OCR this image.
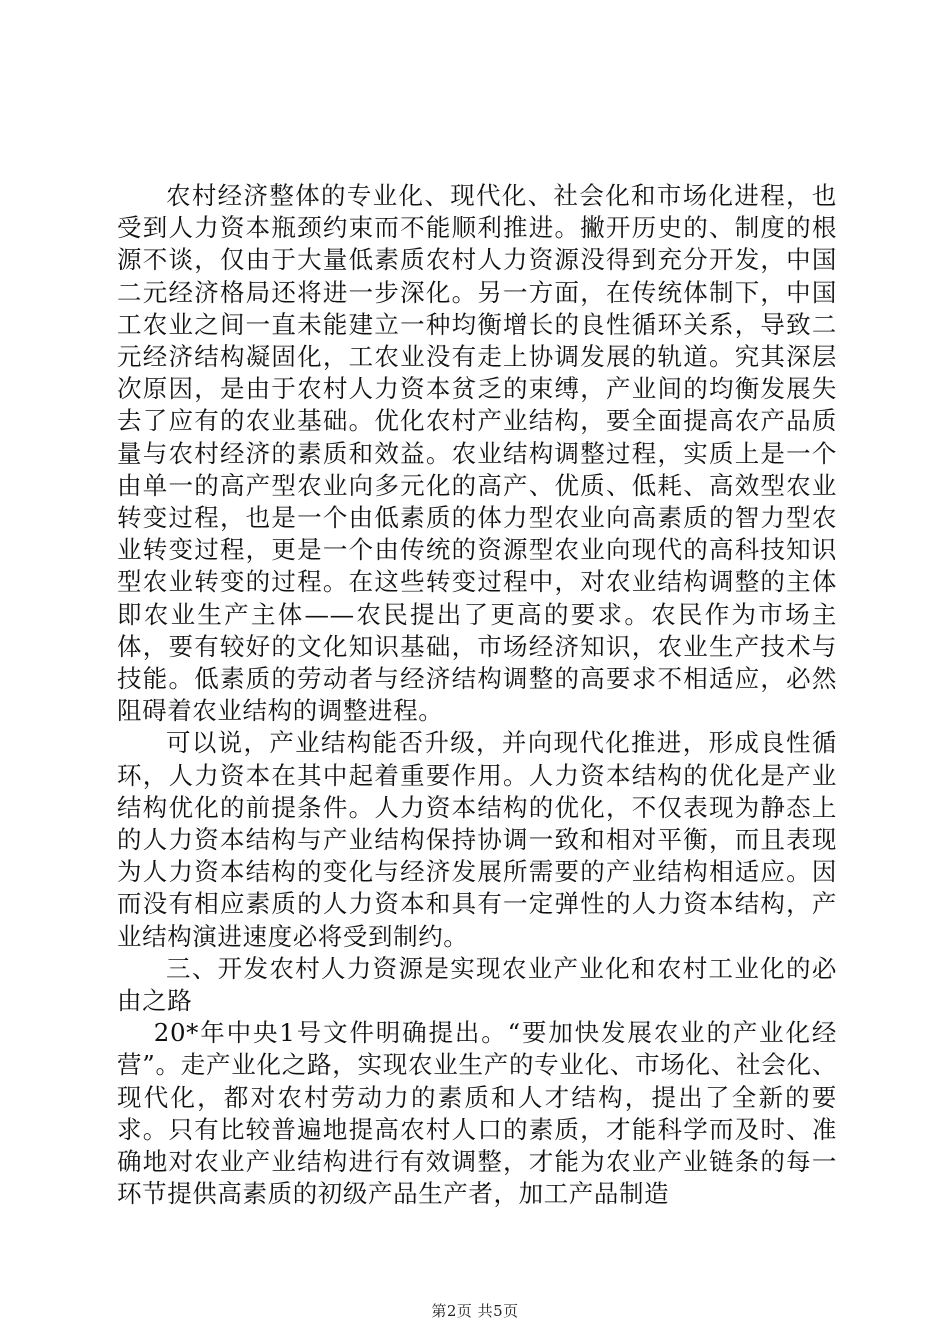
农村经济整体的专业化、现代化、社会化和市场化进程，也受到人力资本瓶颈约束而不能顺利推进。撇开历史的、制度的根源不谈，仅由于大量低素质农村人力资源没得到充分开发，中国二元经济格局还将进一步深化。另一方面，在传统体制下，中国工农业之间一直未能建立一种均衡增长的良性循环关系，导致二元经济结构凝固化，工农业没有走上协调发展的轨道。究其深层次原因，是由于农村人力资本贫乏的束缚，产业间的均衡发展失去了应有的农业基础。优化农村产业结构，要全面提高农产品质量与农村经济的素质和效益。农业结构调整过程，实质上是一个由单一的高产型农业向多元化的高产、优质、低耗、高效型农业转变过程，也是一个由低素质的体力型农业向高素质的智力型农业转变过程，更是一个由传统的资源型农业向现代的高科技知识型农业转变的过程。在这些转变过程中，对农业结构调整的主体即农业生产主体——农民提出了更高的要求。农民作为市场主体，要有较好的文化知识基础，市场经济知识，农业生产技术与技能。低素质的劳动者与经济结构调整的高要求不相适应，必然阻碍着农业结构的调整进程。

可以说，产业结构能否升级，并向现代化推进，形成良性循环，人力资本在其中起着重要作用。人力资本结构的优化是产业结构优化的前提条件。人力资本结构的优化，不仅表现为静态上的人力资本结构与产业结构保持协调一致和相对平衡，而且表现为人力资本结构的变化与经济发展所需要的产业结构相适应。因而没有相应素质的人力资本和具有一定弹性的人力资本结构，产业结构演进速度必将受到制约。

三、开发农村人力资源是实现农业产业化和农村工业化的必由之路

20*年中央1号文件明确提出。“要加快发展农业的产业化经营”。走产业化之路，实现农业生产的专业化、市场化、社会化、现代化，都对农村劳动力的素质和人才结构，提出了全新的要求。只有比较普遍地提高农村人口的素质，才能科学而及时、准确地对农业产业结构进行有效调整，才能为农业产业链条的每一环节提供高素质的初级产品生产者，加工产品制造

第2页 共5页
